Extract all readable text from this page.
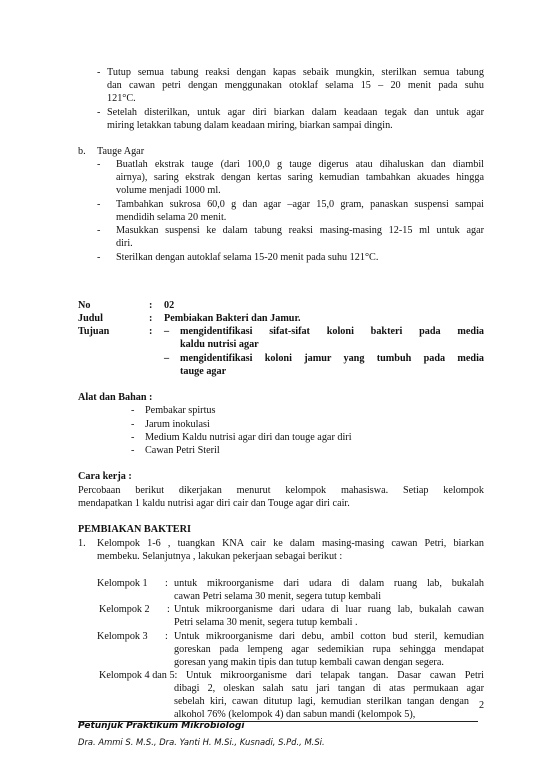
- Tutup semua tabung reaksi dengan kapas sebaik mungkin, sterilkan semua tabung
dan cawan petri dengan menggunakan otoklaf selama 15 – 20 menit pada suhu
121°C.
- Setelah disterilkan, untuk agar diri biarkan dalam keadaan tegak dan untuk agar
miring letakkan tabung dalam keadaan miring, biarkan sampai dingin.
b. Tauge Agar
- Buatlah ekstrak tauge (dari 100,0 g tauge digerus atau dihaluskan dan diambil
airnya), saring ekstrak dengan kertas saring kemudian tambahkan akuades hingga
volume menjadi 1000 ml.
- Tambahkan sukrosa 60,0 g dan agar –agar 15,0 gram, panaskan suspensi sampai
mendidih selama 20 menit.
- Masukkan suspensi ke dalam tabung reaksi masing-masing 12-15 ml untuk agar
diri.
- Sterilkan dengan autoklaf selama 15-20 menit pada suhu 121°C.
No	: 02
Judul	: Pembiakan Bakteri dan Jamur.
Tujuan	: – mengidentifikasi sifat-sifat koloni bakteri pada media
kaldu nutrisi agar
– mengidentifikasi koloni jamur yang tumbuh pada media
tauge agar
Alat dan Bahan :
- Pembakar spirtus
- Jarum inokulasi
- Medium Kaldu nutrisi agar diri dan touge agar diri
- Cawan Petri Steril
Cara kerja :
Percobaan berikut dikerjakan menurut kelompok mahasiswa. Setiap kelompok
mendapatkan 1 kaldu nutrisi agar diri cair dan Touge agar diri cair.
PEMBIAKAN BAKTERI
1. Kelompok 1-6 , tuangkan KNA cair ke dalam masing-masing cawan Petri, biarkan
membeku. Selanjutnya , lakukan pekerjaan sebagai berikut :
Kelompok 1 : untuk mikroorganisme dari udara di dalam ruang lab, bukalah
cawan Petri selama 30 menit, segera tutup kembali
Kelompok 2 : Untuk mikroorganisme dari udara di luar ruang lab, bukalah cawan
Petri selama 30 menit, segera tutup kembali .
Kelompok 3 : Untuk mikroorganisme dari debu, ambil cotton bud steril, kemudian
goreskan pada lempeng agar sedemikian rupa sehingga mendapat
goresan yang makin tipis dan tutup kembali cawan dengan segera.
Kelompok 4 dan 5: Untuk mikroorganisme dari telapak tangan. Dasar cawan Petri
dibagi 2, oleskan salah satu jari tangan di atas permukaan agar
sebelah kiri, cawan ditutup lagi, kemudian sterilkan tangan dengan
alkohol 76% (kelompok 4) dan sabun mandi (kelompok 5),
2
Petunjuk Praktikum Mikrobiologi
Dra. Ammi S. M.S., Dra. Yanti H. M.Si., Kusnadi, S.Pd., M.Si.
